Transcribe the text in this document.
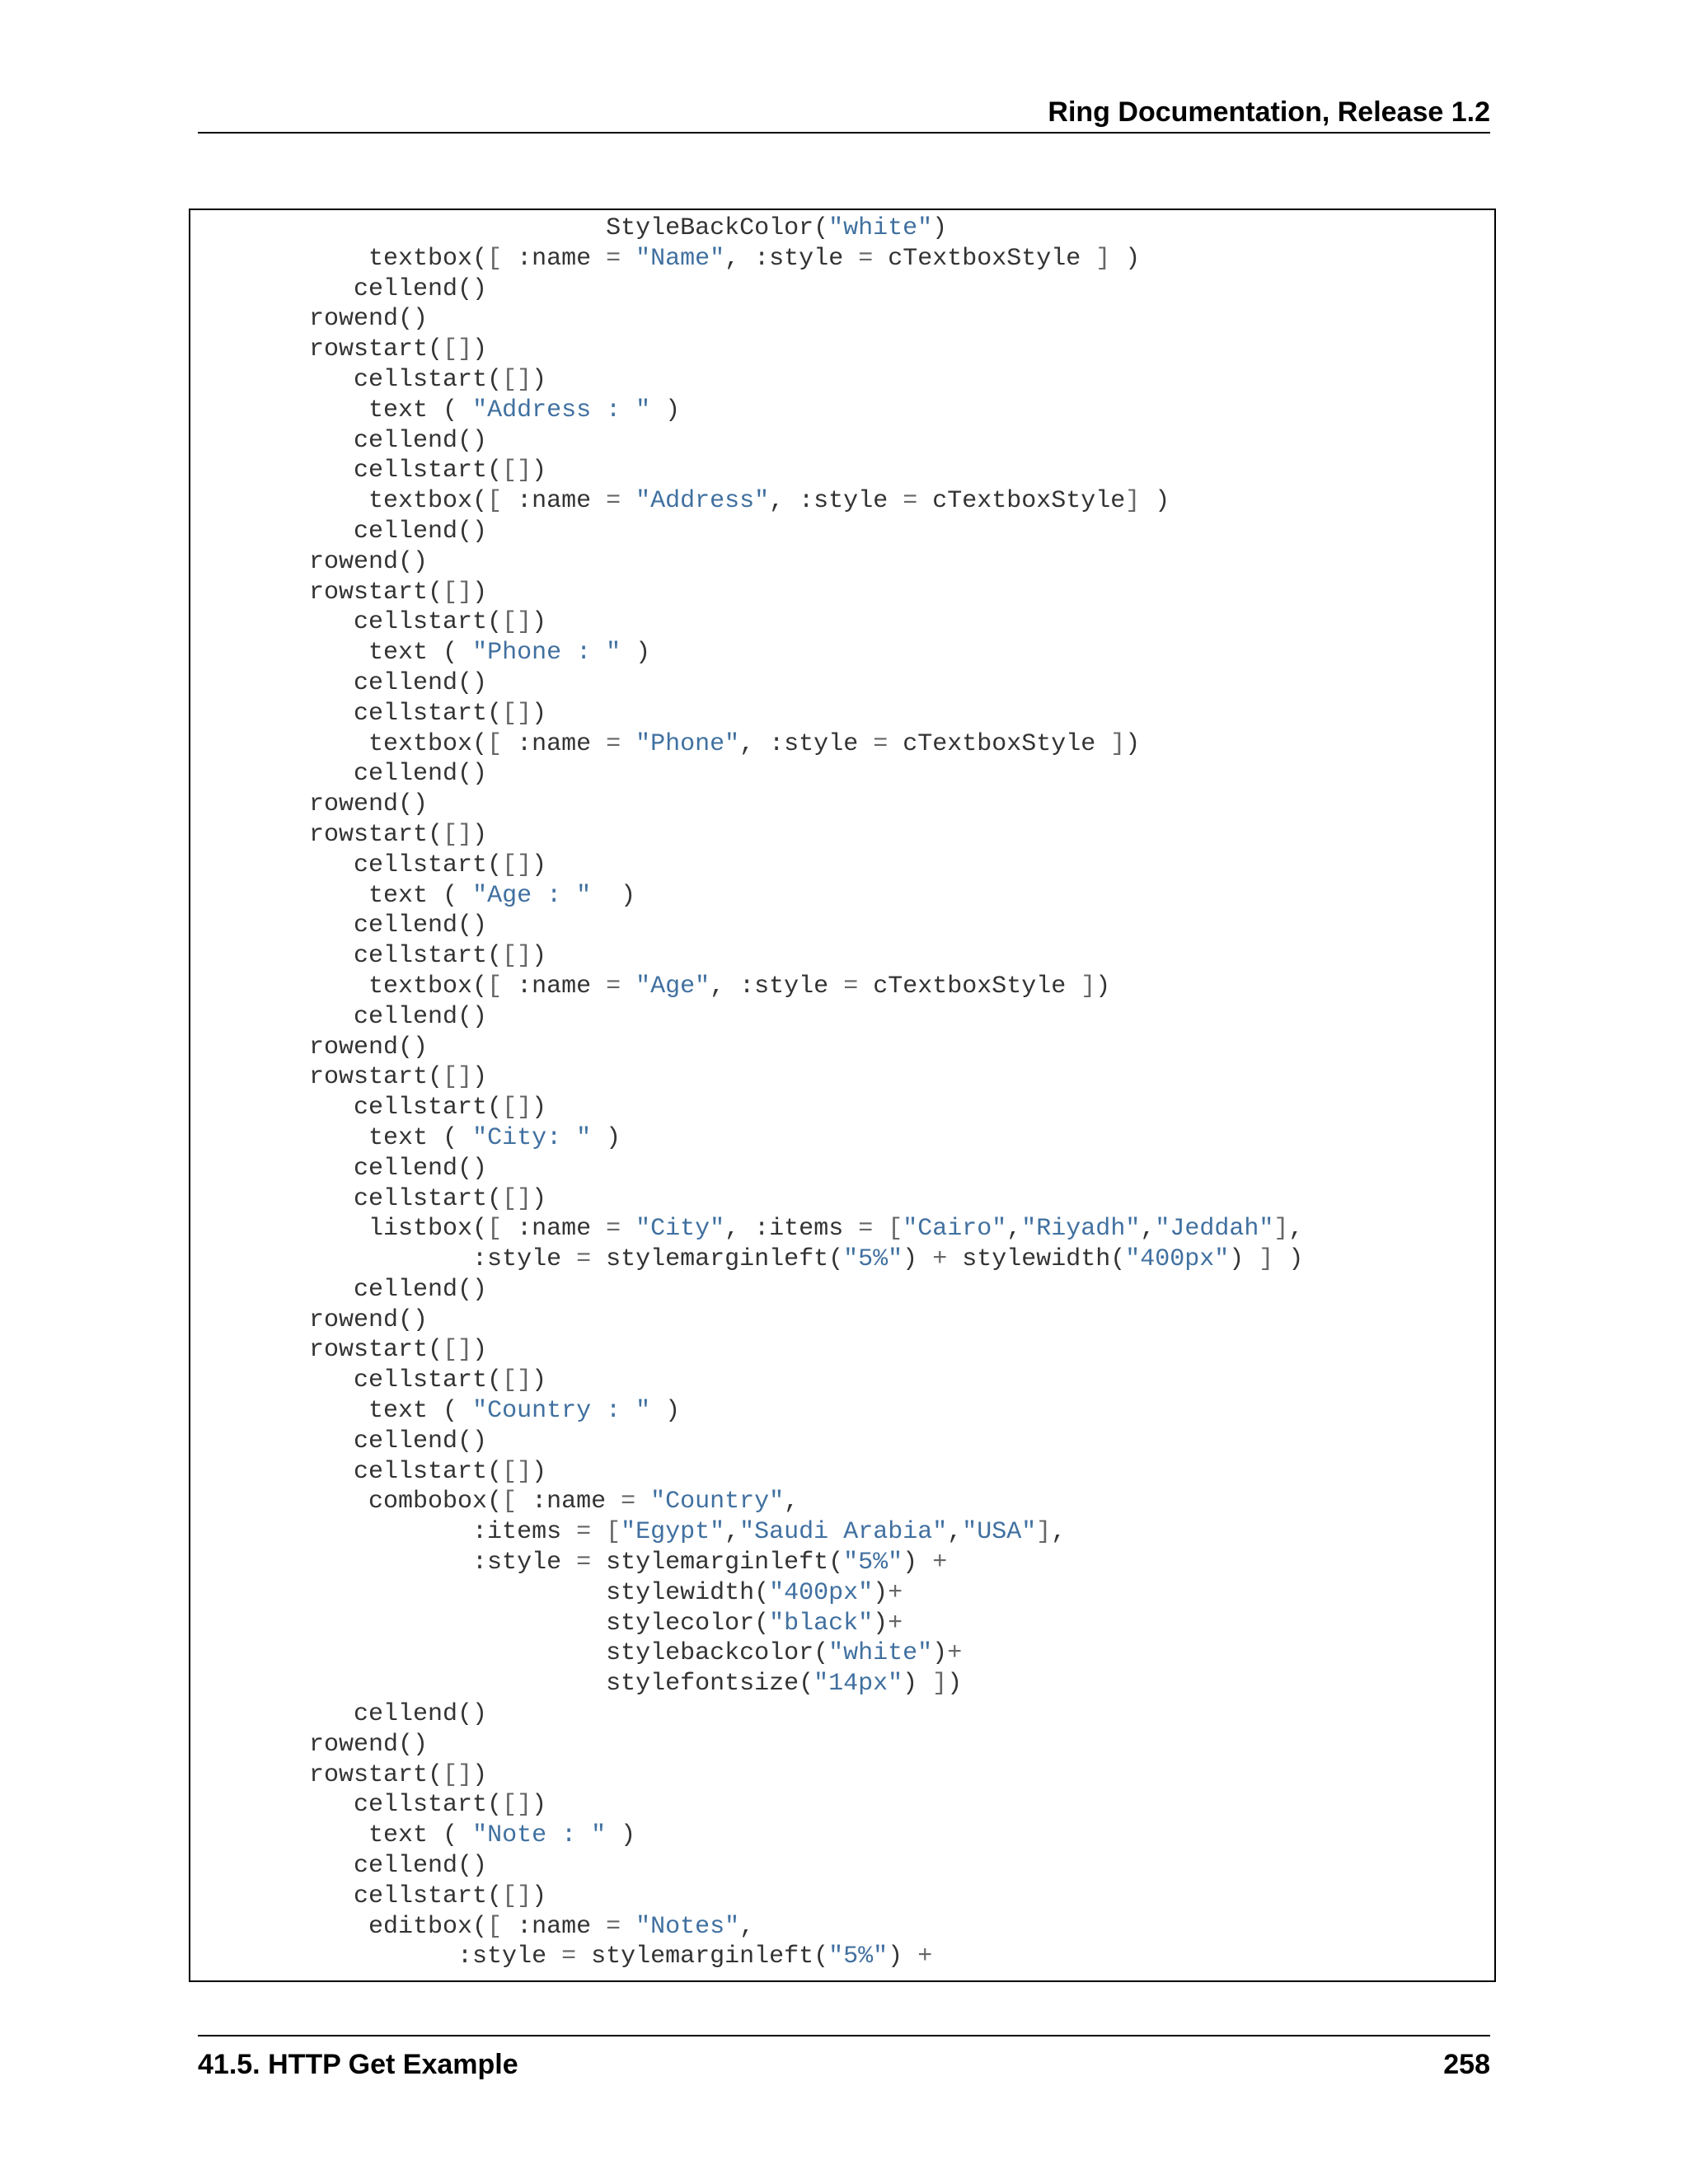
Ring Documentation, Release 1.2
StyleBackColor("white")
textbox([ :name = "Name", :style = cTextboxStyle ] )
cellend()
rowend()
rowstart([])
cellstart([])
text ( "Address : " )
cellend()
cellstart([])
textbox([ :name = "Address", :style = cTextboxStyle] )
cellend()
rowend()
rowstart([])
cellstart([])
text ( "Phone : " )
cellend()
cellstart([])
textbox([ :name = "Phone", :style = cTextboxStyle ])
cellend()
rowend()
rowstart([])
cellstart([])
text ( "Age : "  )
cellend()
cellstart([])
textbox([ :name = "Age", :style = cTextboxStyle ])
cellend()
rowend()
rowstart([])
cellstart([])
text ( "City: " )
cellend()
cellstart([])
listbox([ :name = "City", :items = ["Cairo","Riyadh","Jeddah"],
:style = stylemarginleft("5%") + stylewidth("400px") ] )
cellend()
rowend()
rowstart([])
cellstart([])
text ( "Country : " )
cellend()
cellstart([])
combobox([ :name = "Country",
:items = ["Egypt","Saudi Arabia","USA"],
:style = stylemarginleft("5%") +
stylewidth("400px")+
stylecolor("black")+
stylebackcolor("white")+
stylefontsize("14px") ])
cellend()
rowend()
rowstart([])
cellstart([])
text ( "Note : " )
cellend()
cellstart([])
editbox([ :name = "Notes",
:style = stylemarginleft("5%") +
41.5. HTTP Get Example	258
